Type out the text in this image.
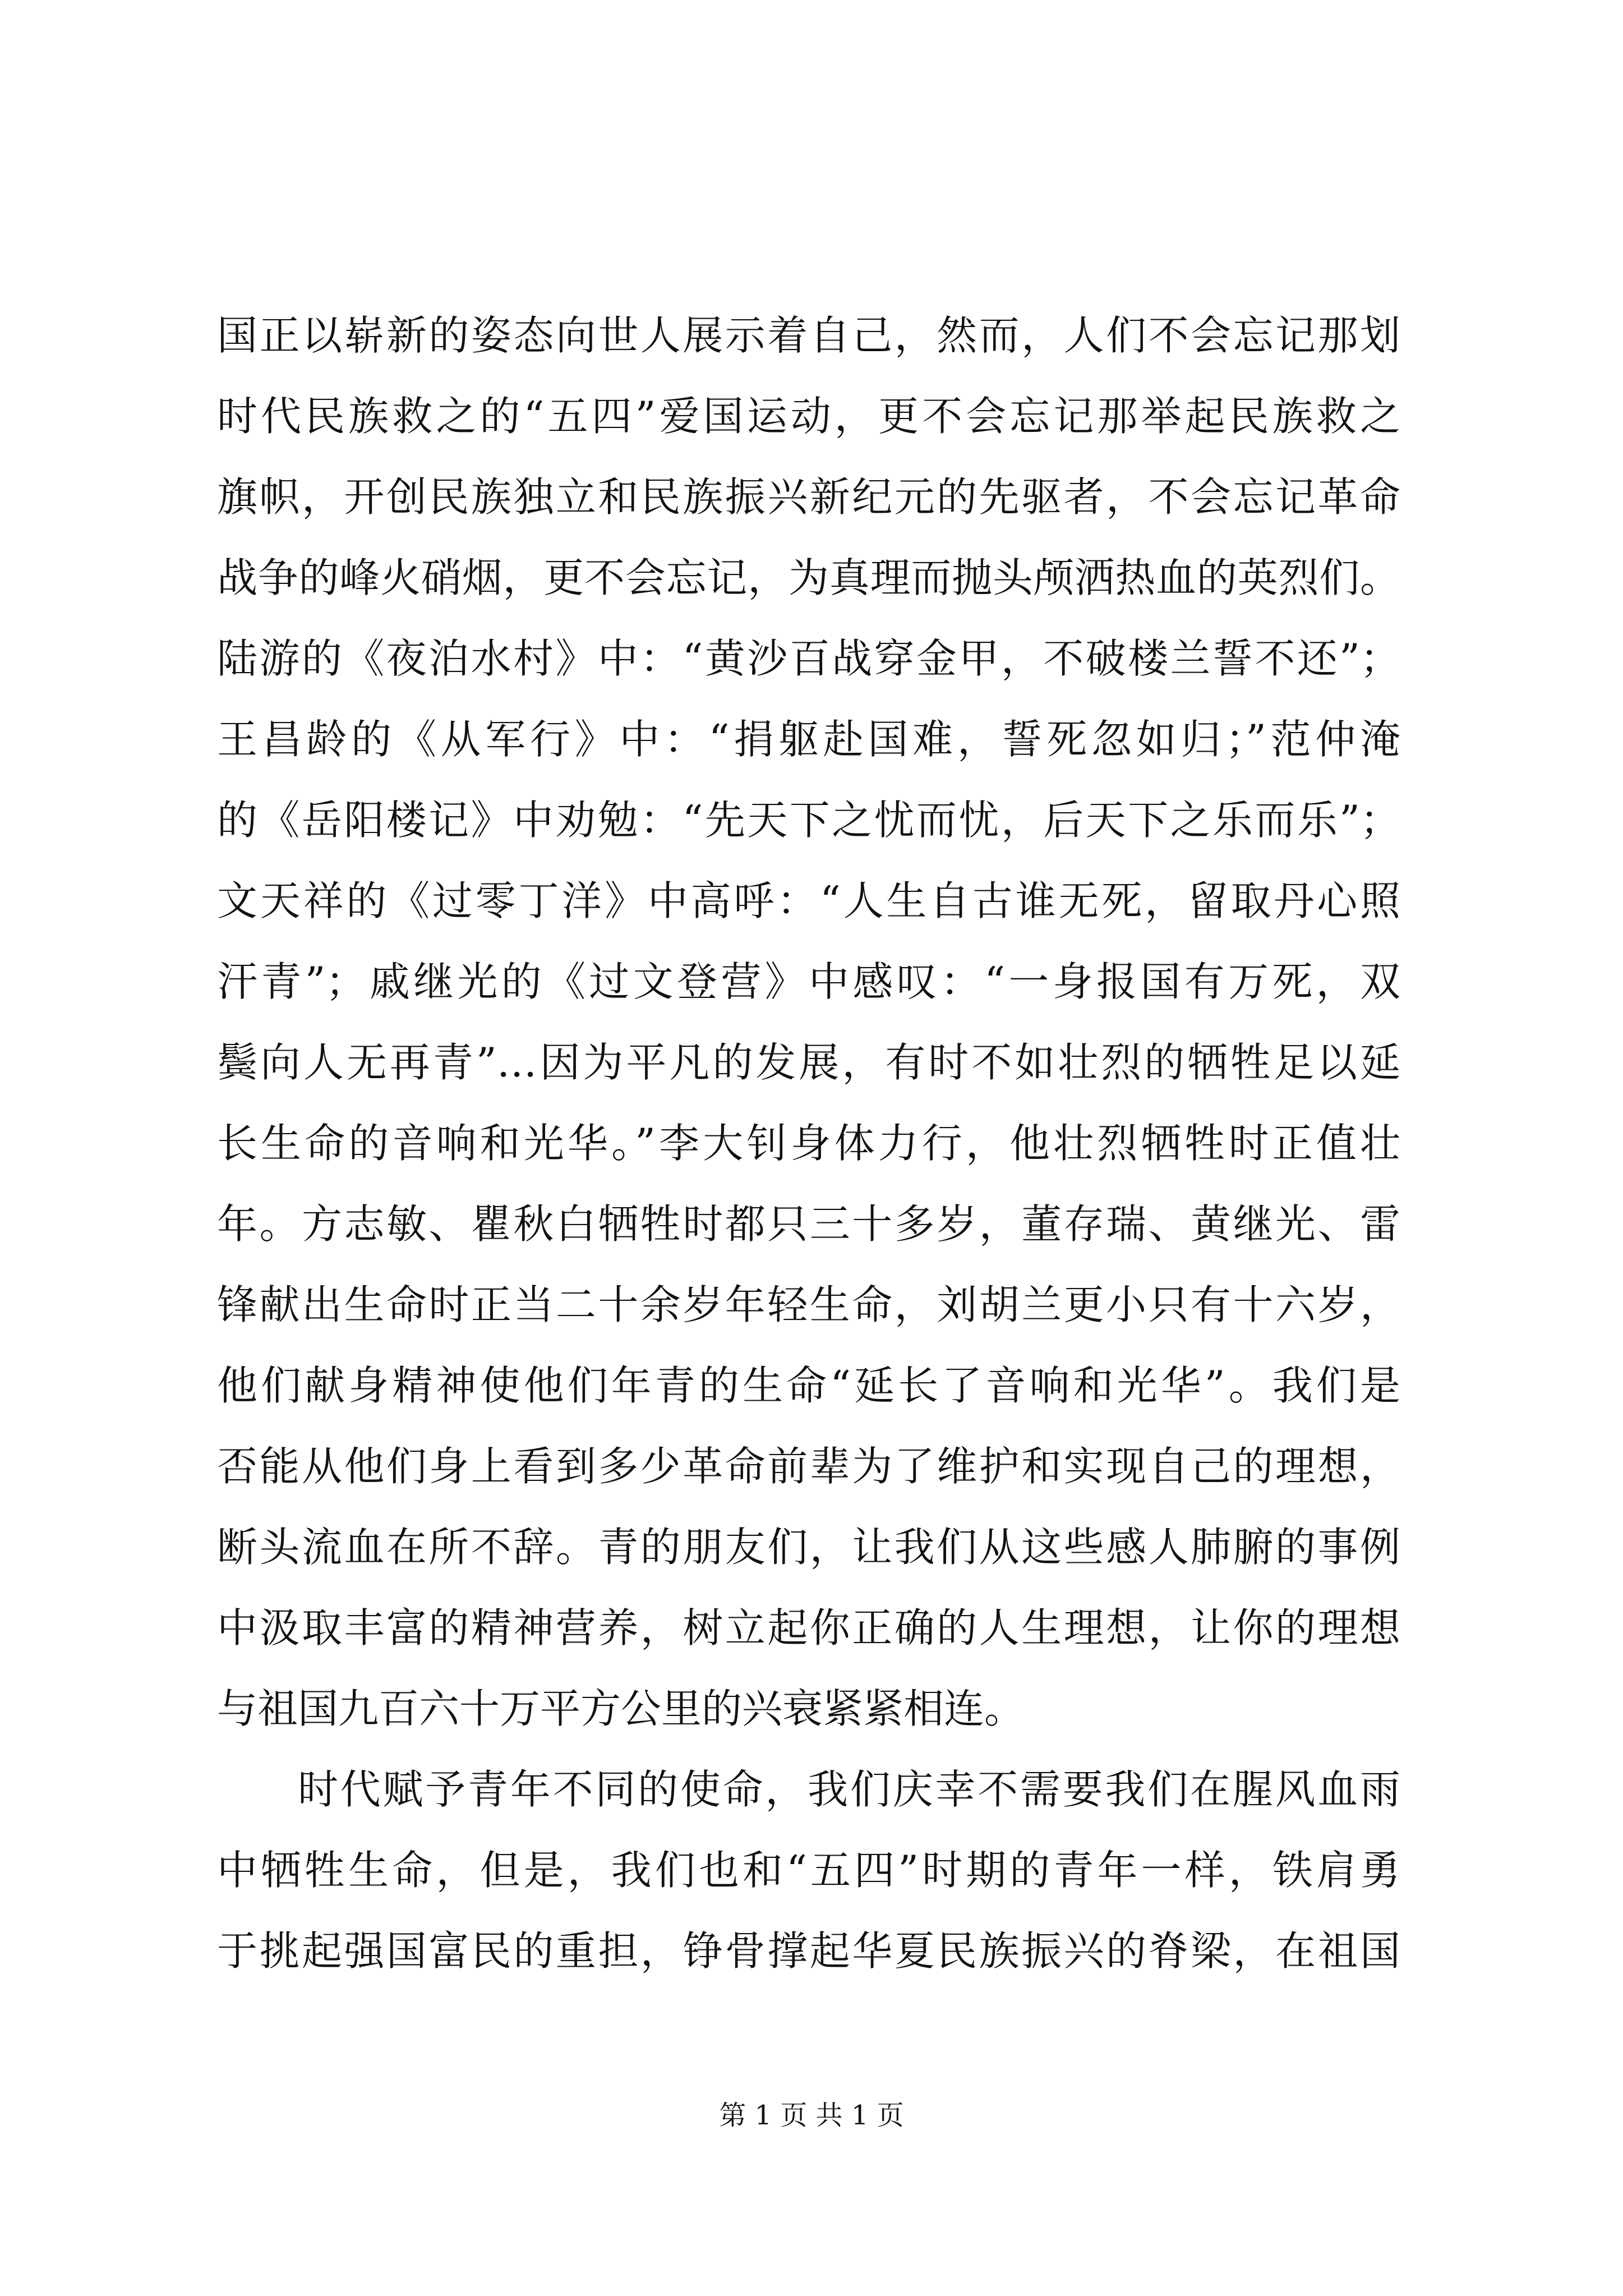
国正以崭新的姿态向世人展示着自己，然而，人们不会忘记那划
时代民族救之的“五四”爱国运动，更不会忘记那举起民族救之
旗帜，开创民族独立和民族振兴新纪元的先驱者，不会忘记革命
战争的峰火硝烟，更不会忘记，为真理而抛头颅洒热血的英烈们。
陆游的《夜泊水村》中：“黄沙百战穿金甲，不破楼兰誓不还”；
王昌龄的《从军行》中：“捐躯赴国难，誓死忽如归；”范仲淹
的《岳阳楼记》中劝勉：“先天下之忧而忧，后天下之乐而乐”；
文天祥的《过零丁洋》中高呼：“人生自古谁无死，留取丹心照
汗青”；戚继光的《过文登营》中感叹：“一身报国有万死，双
鬓向人无再青”…因为平凡的发展，有时不如壮烈的牺牲足以延
长生命的音响和光华。”李大钊身体力行，他壮烈牺牲时正值壮
年。方志敏、瞿秋白牺牲时都只三十多岁，董存瑞、黄继光、雷
锋献出生命时正当二十余岁年轻生命，刘胡兰更小只有十六岁，
他们献身精神使他们年青的生命“延长了音响和光华”。我们是
否能从他们身上看到多少革命前辈为了维护和实现自己的理想，
断头流血在所不辞。青的朋友们，让我们从这些感人肺腑的事例
中汲取丰富的精神营养，树立起你正确的人生理想，让你的理想
与祖国九百六十万平方公里的兴衰紧紧相连。
时代赋予青年不同的使命，我们庆幸不需要我们在腥风血雨
中牺牲生命，但是，我们也和“五四”时期的青年一样，铁肩勇
于挑起强国富民的重担，铮骨撑起华夏民族振兴的脊梁，在祖国
第 1 页 共 1 页
